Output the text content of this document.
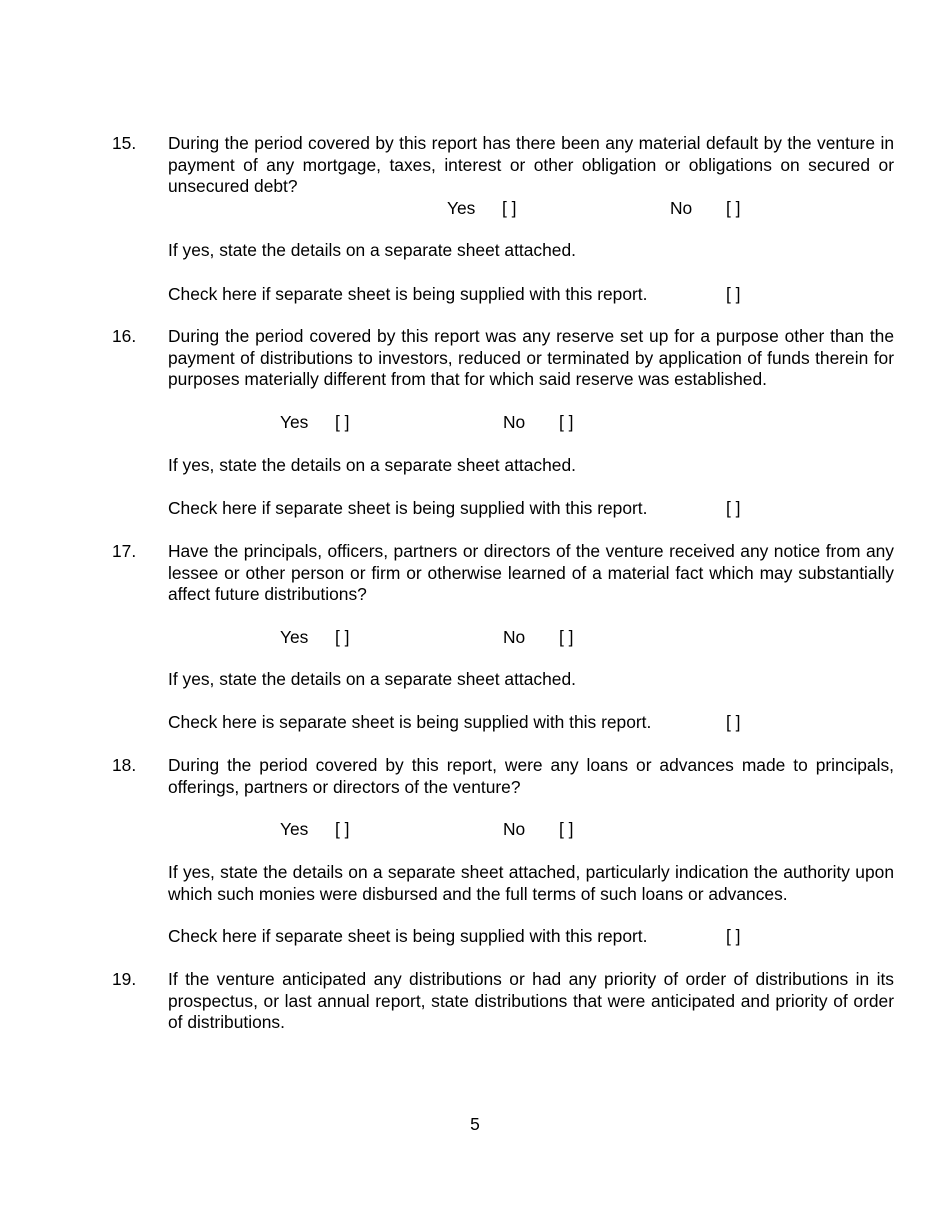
15. During the period covered by this report has there been any material default by the venture in payment of any mortgage, taxes, interest or other obligation or obligations on secured or unsecured debt?

Yes [ ]	No [ ]
If yes, state the details on a separate sheet attached.
Check here if separate sheet is being supplied with this report.	[ ]
16. During the period covered by this report was any reserve set up for a purpose other than the payment of distributions to investors, reduced or terminated by application of funds therein for purposes materially different from that for which said reserve was established.

Yes [ ]	No [ ]
If yes, state the details on a separate sheet attached.
Check here if separate sheet is being supplied with this report.	[ ]
17. Have the principals, officers, partners or directors of the venture received any notice from any lessee or other person or firm or otherwise learned of a material fact which may substantially affect future distributions?

Yes [ ]	No [ ]
If yes, state the details on a separate sheet attached.
Check here is separate sheet is being supplied with this report.	[ ]
18. During the period covered by this report, were any loans or advances made to principals, offerings, partners or directors of the venture?

Yes [ ]	No [ ]

If yes, state the details on a separate sheet attached, particularly indication the authority upon which such monies were disbursed and the full terms of such loans or advances.

Check here if separate sheet is being supplied with this report.	[ ]
19. If the venture anticipated any distributions or had any priority of order of distributions in its prospectus, or last annual report, state distributions that were anticipated and priority of order of distributions.

5
